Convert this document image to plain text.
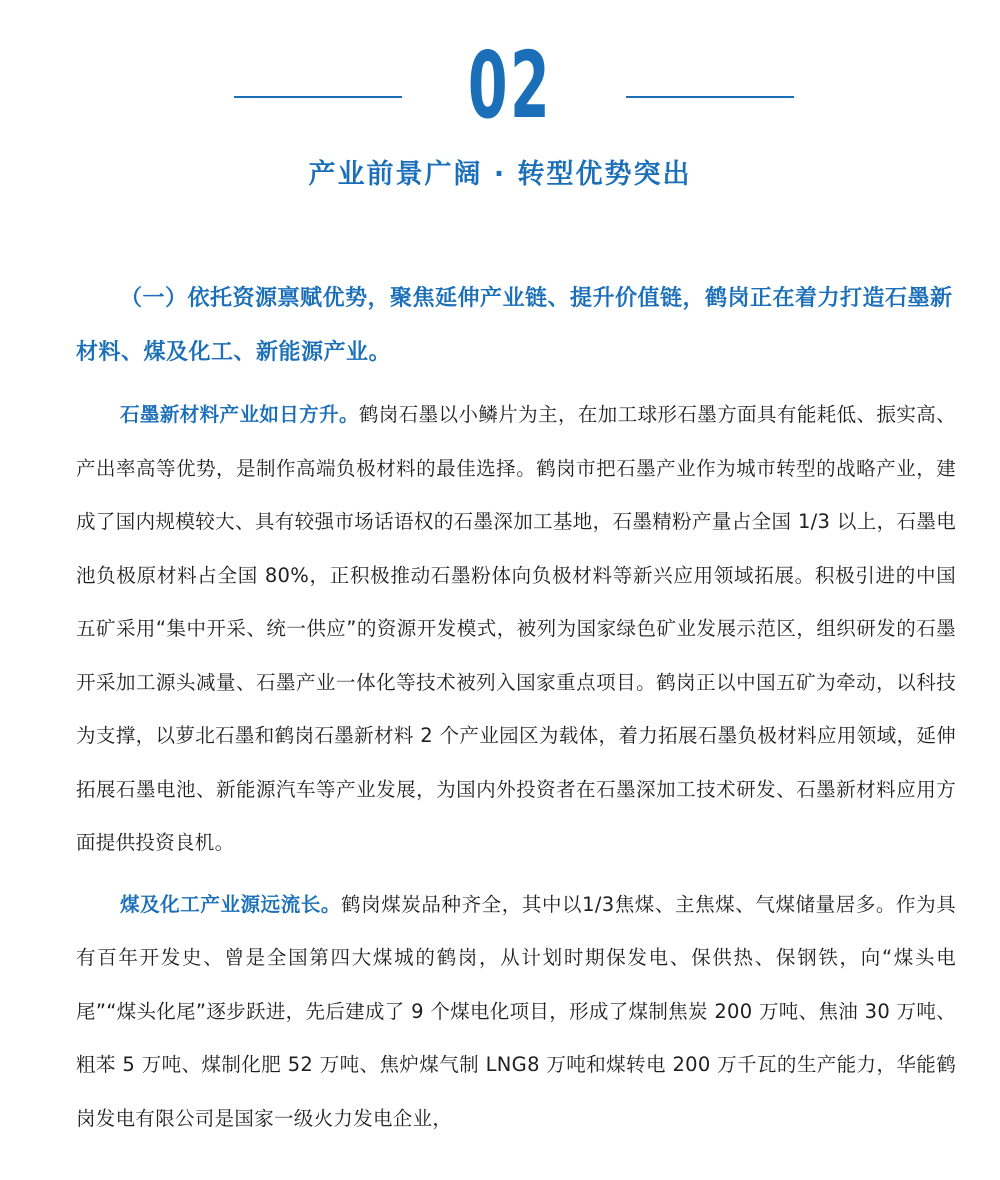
02
产业前景广阔 · 转型优势突出

（一）依托资源禀赋优势，聚焦延伸产业链、提升价值链，鹤岗正在着力打造石墨新材料、煤及化工、新能源产业。

石墨新材料产业如日方升。鹤岗石墨以小鳞片为主，在加工球形石墨方面具有能耗低、振实高、产出率高等优势，是制作高端负极材料的最佳选择。鹤岗市把石墨产业作为城市转型的战略产业，建成了国内规模较大、具有较强市场话语权的石墨深加工基地，石墨精粉产量占全国 1/3 以上，石墨电池负极原材料占全国 80%，正积极推动石墨粉体向负极材料等新兴应用领域拓展。积极引进的中国五矿采用“集中开采、统一供应”的资源开发模式，被列为国家绿色矿业发展示范区，组织研发的石墨开采加工源头减量、石墨产业一体化等技术被列入国家重点项目。鹤岗正以中国五矿为牵动，以科技为支撑，以萝北石墨和鹤岗石墨新材料 2 个产业园区为载体，着力拓展石墨负极材料应用领域，延伸拓展石墨电池、新能源汽车等产业发展，为国内外投资者在石墨深加工技术研发、石墨新材料应用方面提供投资良机。

煤及化工产业源远流长。鹤岗煤炭品种齐全，其中以1/3焦煤、主焦煤、气煤储量居多。作为具有百年开发史、曾是全国第四大煤城的鹤岗，从计划时期保发电、保供热、保钢铁，向“煤头电尾”“煤头化尾”逐步跃进，先后建成了 9 个煤电化项目，形成了煤制焦炭 200 万吨、焦油 30 万吨、粗苯 5 万吨、煤制化肥 52 万吨、焦炉煤气制 LNG8 万吨和煤转电 200 万千瓦的生产能力，华能鹤岗发电有限公司是国家一级火力发电企业，
